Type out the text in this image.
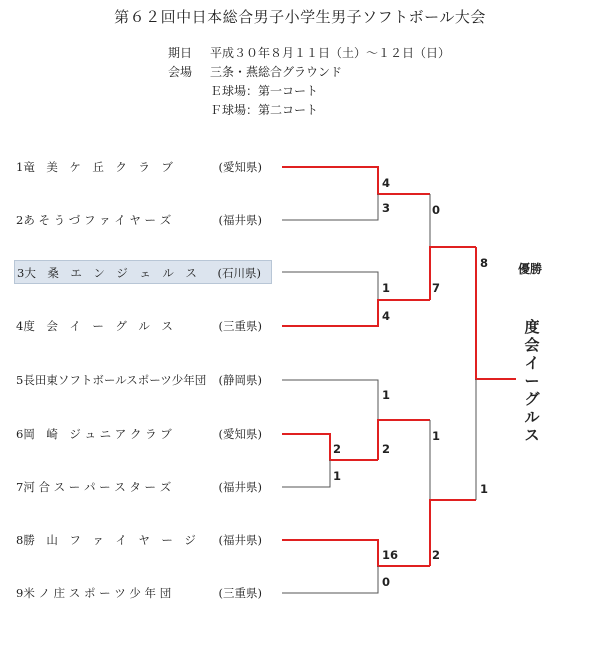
第６２回中日本総合男子小学生男子ソフトボール大会
期日 平成３０年８月１１日（土）～１２日（日）
会場 三条・燕総合グラウンド
Ｅ球場：第一コート
Ｆ球場：第二コート
1竜　美　ケ　丘　ク　ラ　ブ	(愛知県)
2あ そ う づ フ ァ イ ヤ ー ズ	(福井県)
3大　桑　エ　ン　ジ　ェ　ル　ス (石川県)
4度　会　イ　ー　グ　ル　ス	(三重県)
5長田東ソフトボールスポーツ少年団 (静岡県)
6岡　崎　ジ ュ ニ ア ク ラ ブ	(愛知県)
7河 合 ス ー パ ー ス タ ー ズ	(福井県)
8勝　山　フ　ァ　イ　ヤ　ー　ジ (福井県)
9米 ノ 庄 ス ポ ー ツ 少 年 団	(三重県)
4
3
1
4
0
7
2
1
1
2
16
0
1
2
8
1
優勝
度会イーグルス
